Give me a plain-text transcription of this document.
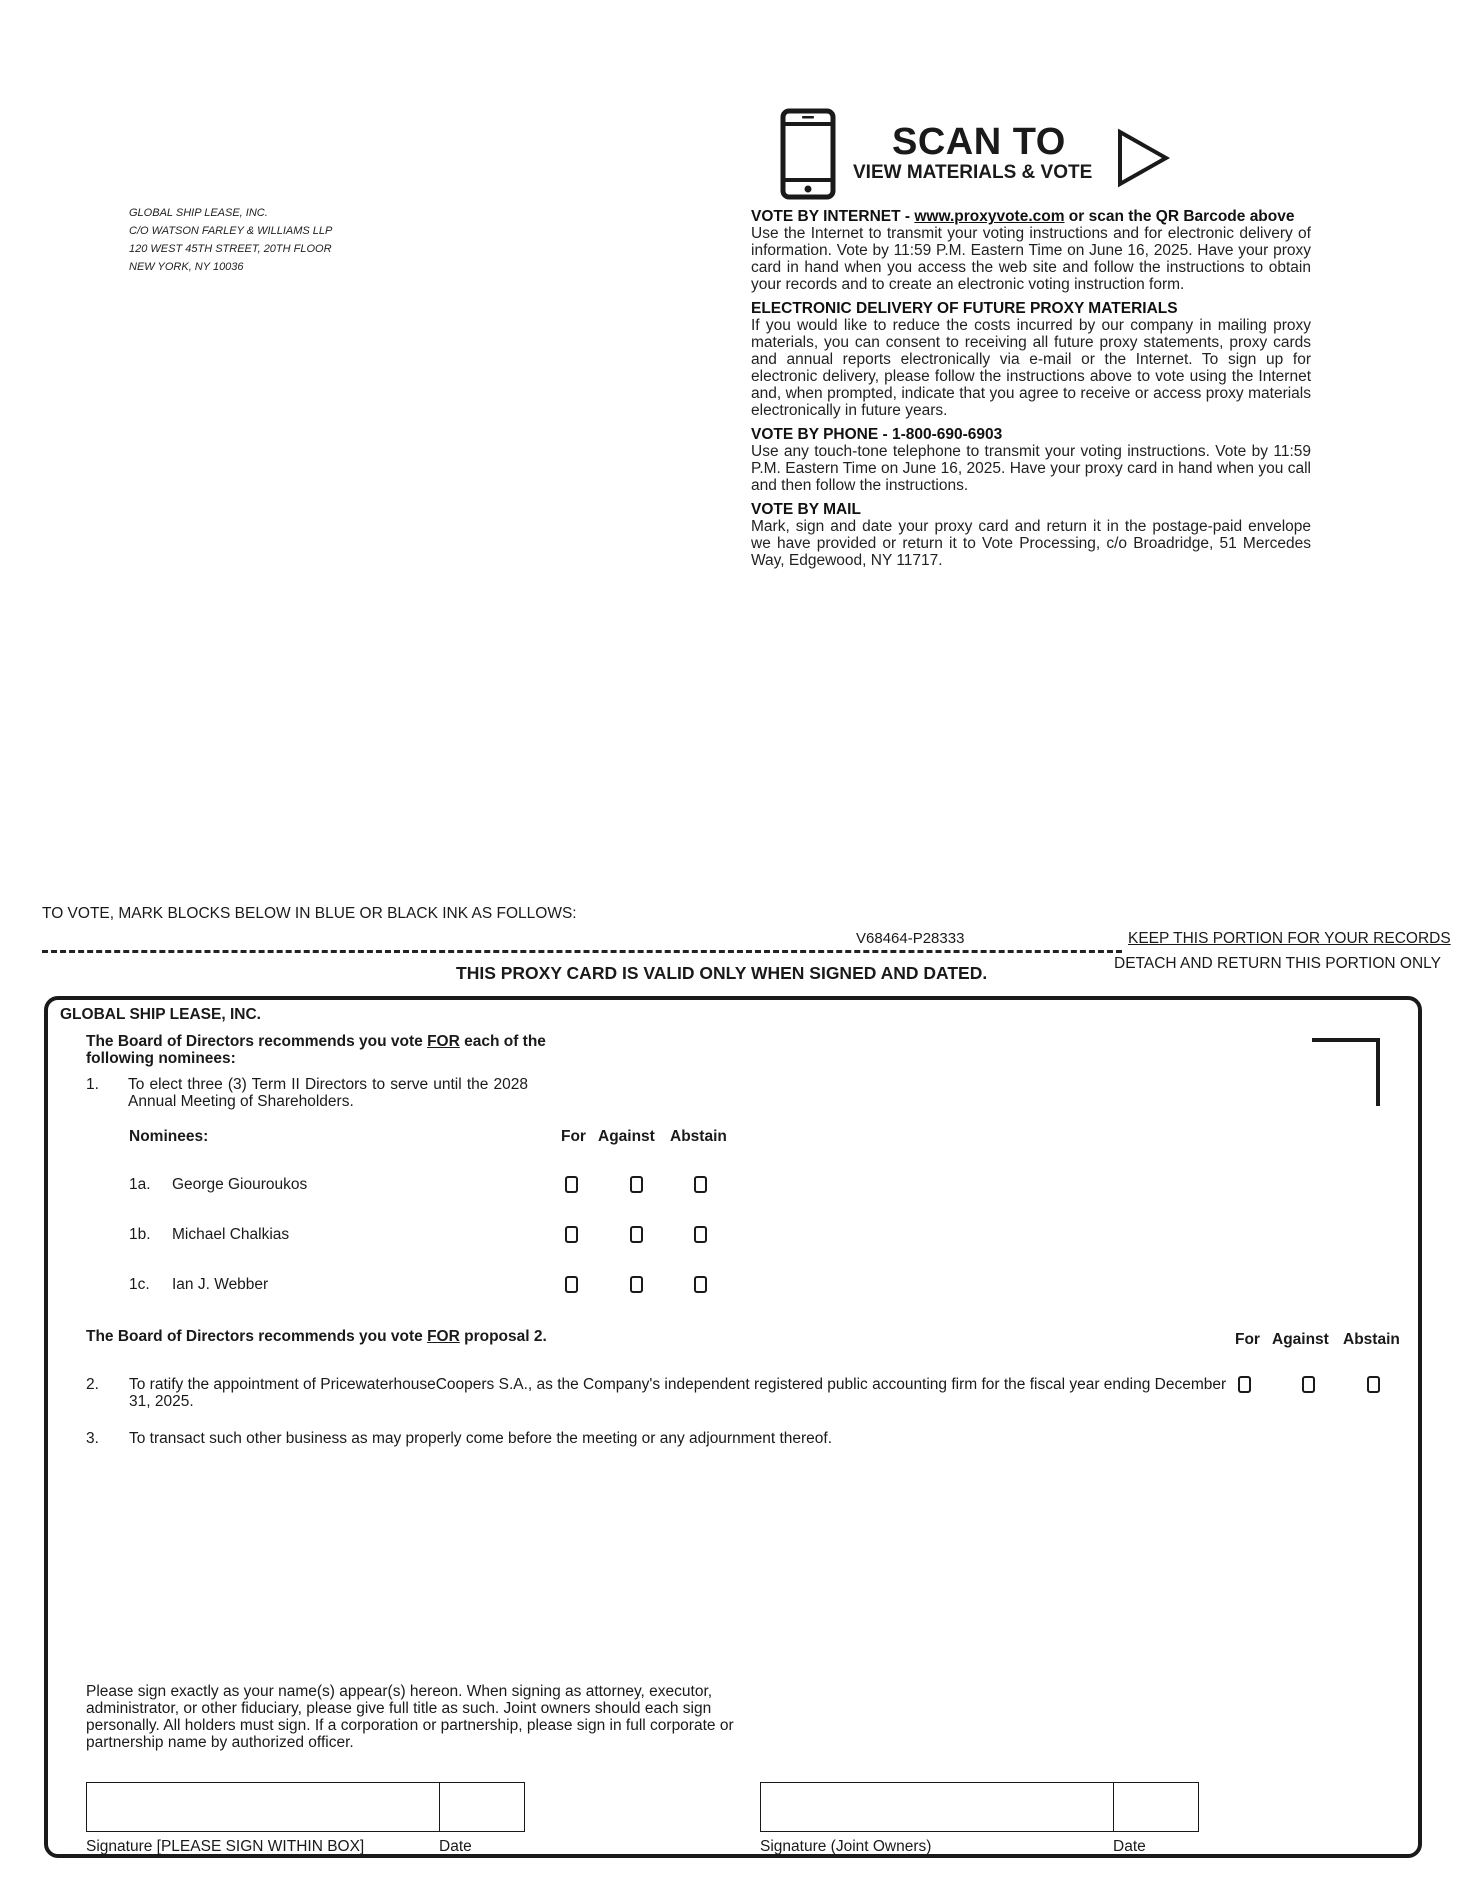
GLOBAL SHIP LEASE, INC.
C/O WATSON FARLEY & WILLIAMS LLP
120 WEST 45TH STREET, 20TH FLOOR
NEW YORK, NY 10036
SCAN TO
VIEW MATERIALS & VOTE
VOTE BY INTERNET - www.proxyvote.com or scan the QR Barcode above

Use the Internet to transmit your voting instructions and for electronic delivery of information. Vote by 11:59 P.M. Eastern Time on June 16, 2025. Have your proxy card in hand when you access the web site and follow the instructions to obtain your records and to create an electronic voting instruction form.

ELECTRONIC DELIVERY OF FUTURE PROXY MATERIALS

If you would like to reduce the costs incurred by our company in mailing proxy materials, you can consent to receiving all future proxy statements, proxy cards and annual reports electronically via e-mail or the Internet. To sign up for electronic delivery, please follow the instructions above to vote using the Internet and, when prompted, indicate that you agree to receive or access proxy materials electronically in future years.

VOTE BY PHONE - 1-800-690-6903

Use any touch-tone telephone to transmit your voting instructions. Vote by 11:59 P.M. Eastern Time on June 16, 2025. Have your proxy card in hand when you call and then follow the instructions.

VOTE BY MAIL

Mark, sign and date your proxy card and return it in the postage-paid envelope we have provided or return it to Vote Processing, c/o Broadridge, 51 Mercedes Way, Edgewood, NY 11717.

TO VOTE, MARK BLOCKS BELOW IN BLUE OR BLACK INK AS FOLLOWS:
V68464-P28333	KEEP THIS PORTION FOR YOUR RECORDS
DETACH AND RETURN THIS PORTION ONLY
THIS PROXY CARD IS VALID ONLY WHEN SIGNED AND DATED.
GLOBAL SHIP LEASE, INC.
The Board of Directors recommends you vote FOR each of the following nominees:
1. To elect three (3) Term II Directors to serve until the 2028 Annual Meeting of Shareholders.
Nominees:	For Against Abstain
1a. George Giouroukos
1b. Michael Chalkias
1c. Ian J. Webber
The Board of Directors recommends you vote FOR proposal 2.	For Against Abstain
2. To ratify the appointment of PricewaterhouseCoopers S.A., as the Company's independent registered public accounting firm for the fiscal year ending December 31, 2025.
3. To transact such other business as may properly come before the meeting or any adjournment thereof.
Please sign exactly as your name(s) appear(s) hereon. When signing as attorney, executor, administrator, or other fiduciary, please give full title as such. Joint owners should each sign personally. All holders must sign. If a corporation or partnership, please sign in full corporate or partnership name by authorized officer.
Signature [PLEASE SIGN WITHIN BOX]	Date	Signature (Joint Owners)	Date
